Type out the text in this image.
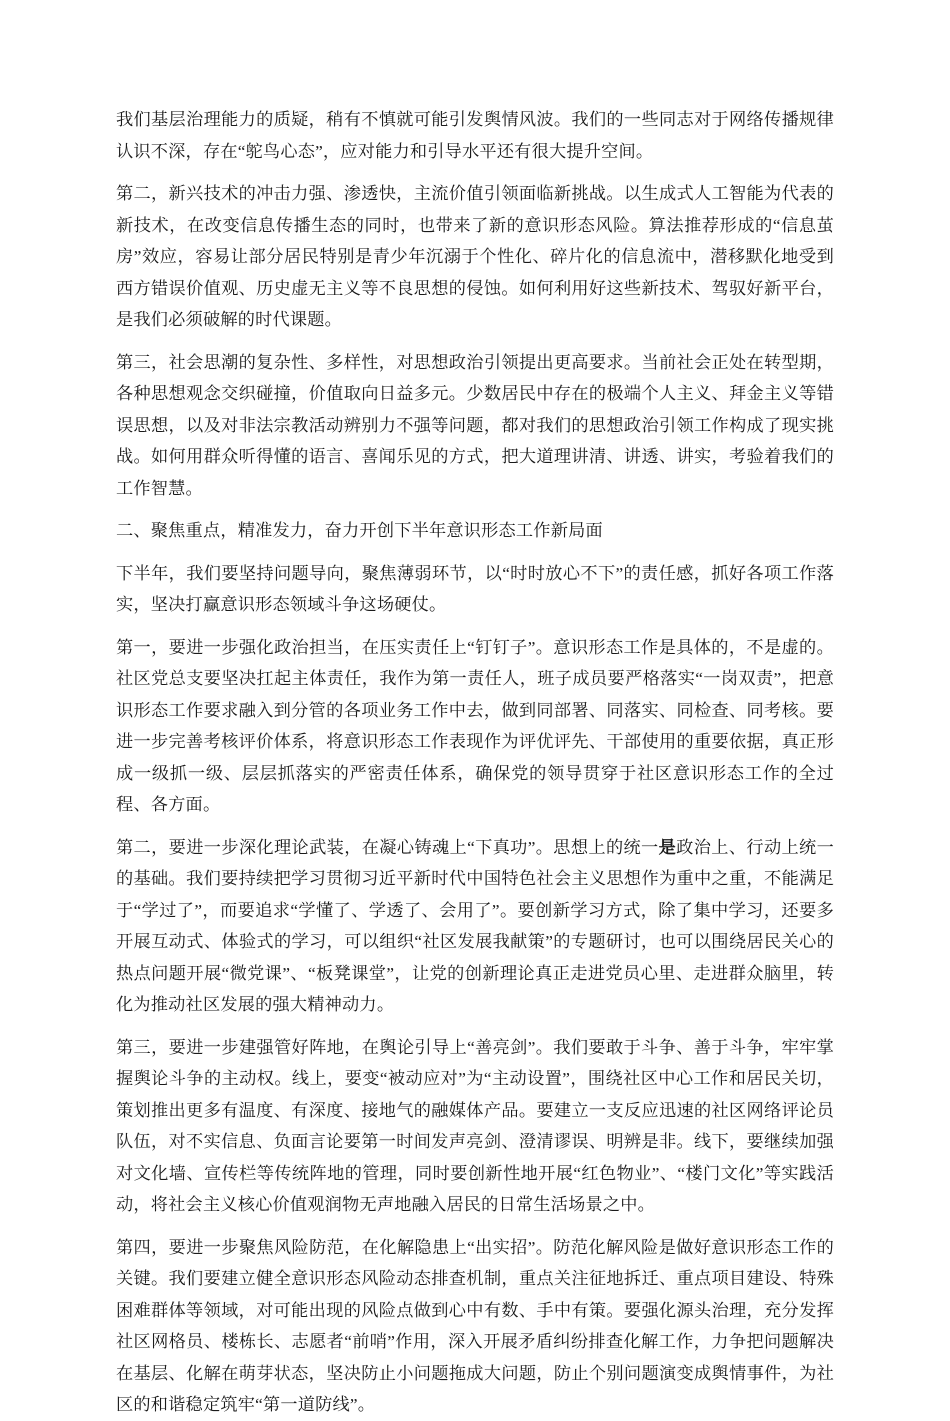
我们基层治理能力的质疑，稍有不慎就可能引发舆情风波。我们的一些同志对于网络传播规律认识不深，存在“鸵鸟心态”，应对能力和引导水平还有很大提升空间。

第二，新兴技术的冲击力强、渗透快，主流价值引领面临新挑战。以生成式人工智能为代表的新技术，在改变信息传播生态的同时，也带来了新的意识形态风险。算法推荐形成的“信息茧房”效应，容易让部分居民特别是青少年沉溺于个性化、碎片化的信息流中，潜移默化地受到西方错误价值观、历史虚无主义等不良思想的侵蚀。如何利用好这些新技术、驾驭好新平台，是我们必须破解的时代课题。

第三，社会思潮的复杂性、多样性，对思想政治引领提出更高要求。当前社会正处在转型期，各种思想观念交织碰撞，价值取向日益多元。少数居民中存在的极端个人主义、拜金主义等错误思想，以及对非法宗教活动辨别力不强等问题，都对我们的思想政治引领工作构成了现实挑战。如何用群众听得懂的语言、喜闻乐见的方式，把大道理讲清、讲透、讲实，考验着我们的工作智慧。

二、聚焦重点，精准发力，奋力开创下半年意识形态工作新局面

下半年，我们要坚持问题导向，聚焦薄弱环节，以“时时放心不下”的责任感，抓好各项工作落实，坚决打赢意识形态领域斗争这场硬仗。

第一，要进一步强化政治担当，在压实责任上“钉钉子”。意识形态工作是具体的，不是虚的。社区党总支要坚决扛起主体责任，我作为第一责任人，班子成员要严格落实“一岗双责”，把意识形态工作要求融入到分管的各项业务工作中去，做到同部署、同落实、同检查、同考核。要进一步完善考核评价体系，将意识形态工作表现作为评优评先、干部使用的重要依据，真正形成一级抓一级、层层抓落实的严密责任体系，确保党的领导贯穿于社区意识形态工作的全过程、各方面。

第二，要进一步深化理论武装，在凝心铸魂上“下真功”。思想上的统一是政治上、行动上统一的基础。我们要持续把学习贯彻习近平新时代中国特色社会主义思想作为重中之重，不能满足于“学过了”，而要追求“学懂了、学透了、会用了”。要创新学习方式，除了集中学习，还要多开展互动式、体验式的学习，可以组织“社区发展我献策”的专题研讨，也可以围绕居民关心的热点问题开展“微党课”、“板凳课堂”，让党的创新理论真正走进党员心里、走进群众脑里，转化为推动社区发展的强大精神动力。

第三，要进一步建强管好阵地，在舆论引导上“善亮剑”。我们要敢于斗争、善于斗争，牢牢掌握舆论斗争的主动权。线上，要变“被动应对”为“主动设置”，围绕社区中心工作和居民关切，策划推出更多有温度、有深度、接地气的融媒体产品。要建立一支反应迅速的社区网络评论员队伍，对不实信息、负面言论要第一时间发声亮剑、澄清谬误、明辨是非。线下，要继续加强对文化墙、宣传栏等传统阵地的管理，同时要创新性地开展“红色物业”、“楼门文化”等实践活动，将社会主义核心价值观润物无声地融入居民的日常生活场景之中。

第四，要进一步聚焦风险防范，在化解隐患上“出实招”。防范化解风险是做好意识形态工作的关键。我们要建立健全意识形态风险动态排查机制，重点关注征地拆迁、重点项目建设、特殊困难群体等领域，对可能出现的风险点做到心中有数、手中有策。要强化源头治理，充分发挥社区网格员、楼栋长、志愿者“前哨”作用，深入开展矛盾纠纷排查化解工作，力争把问题解决在基层、化解在萌芽状态，坚决防止小问题拖成大问题，防止个别问题演变成舆情事件，为社区的和谐稳定筑牢“第一道防线”。
